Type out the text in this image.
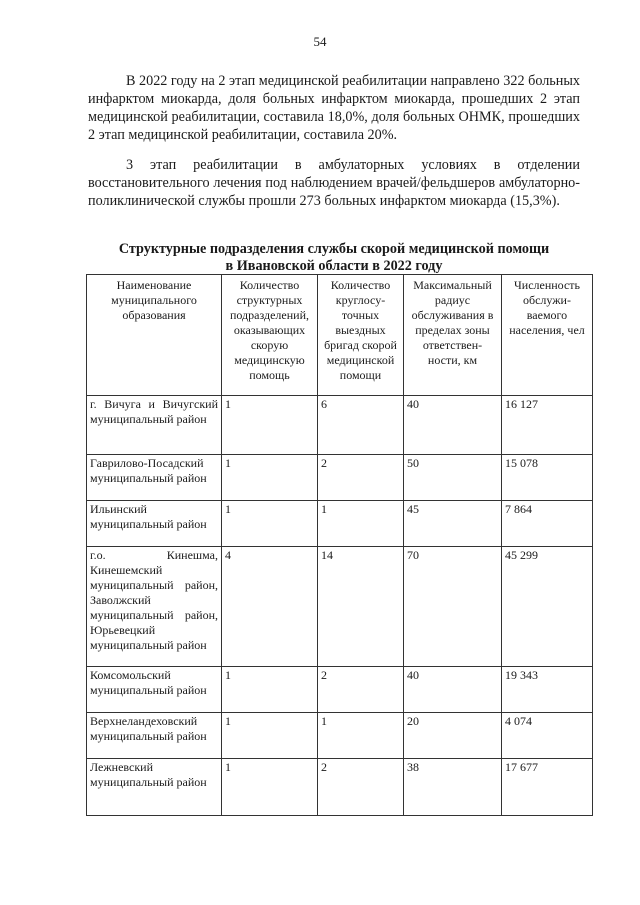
54

В 2022 году на 2 этап медицинской реабилитации направлено 322 больных инфарктом миокарда, доля больных инфарктом миокарда, прошедших 2 этап медицинской реабилитации, составила 18,0%, доля больных ОНМК, прошедших 2 этап медицинской реабилитации, составила 20%.

3 этап реабилитации в амбулаторных условиях в отделении восстановительного лечения под наблюдением врачей/фельдшеров амбулаторно-поликлинической службы прошли 273 больных инфарктом миокарда (15,3%).

Структурные подразделения службы скорой медицинской помощи
в Ивановской области в 2022 году
Наименование муниципального образования	Количество структурных подразделений, оказывающих скорую медицинскую помощь	Количество круглосу-точных выездных бригад скорой медицинской помощи	Максимальный радиус обслуживания в пределах зоны ответствен-ности, км	Численность обслужи-ваемого населения, чел
г. Вичуга и Вичугский муниципальный район	1	6	40	16 127
Гаврилово-Посадский муниципальный район	1	2	50	15 078
Ильинский муниципальный район	1	1	45	7 864
г.о. Кинешма, Кинешемский муниципальный район, Заволжский муниципальный район, Юрьевецкий муниципальный район	4	14	70	45 299
Комсомольский муниципальный район	1	2	40	19 343
Верхнеландеховский муниципальный район	1	1	20	4 074
Лежневский муниципальный район	1	2	38	17 677
